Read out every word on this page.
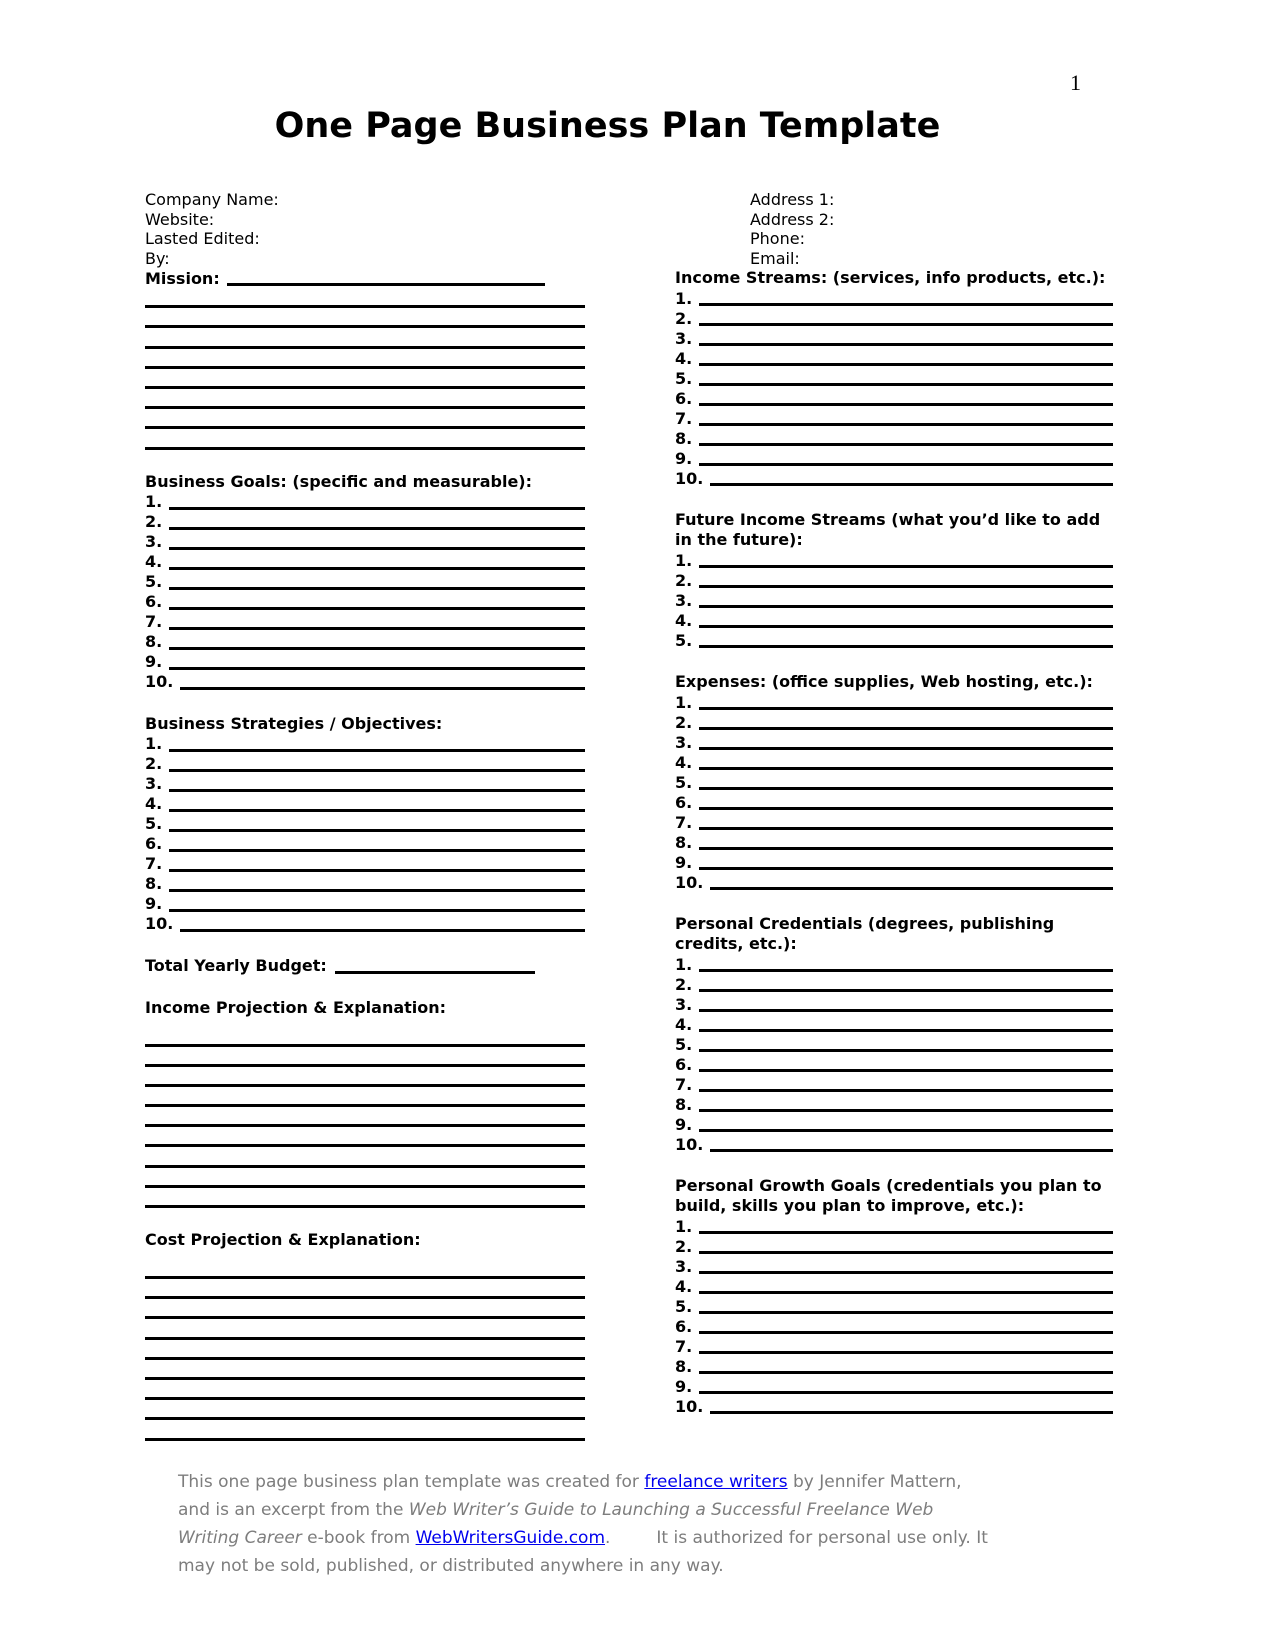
1
One Page Business Plan Template
Company Name:
Website:
Lasted Edited:
By:
Mission:
Business Goals: (specific and measurable):
1.
2.
3.
4.
5.
6.
7.
8.
9.
10.
Business Strategies / Objectives:
1.
2.
3.
4.
5.
6.
7.
8.
9.
10.
Total Yearly Budget:
Income Projection & Explanation:
Cost Projection & Explanation:
Address 1:
Address 2:
Phone:
Email:
Income Streams: (services, info products, etc.):
1.
2.
3.
4.
5.
6.
7.
8.
9.
10.
Future Income Streams (what you’d like to add
in the future):
1.
2.
3.
4.
5.
Expenses: (office supplies, Web hosting, etc.):
1.
2.
3.
4.
5.
6.
7.
8.
9.
10.
Personal Credentials (degrees, publishing
credits, etc.):
1.
2.
3.
4.
5.
6.
7.
8.
9.
10.
Personal Growth Goals (credentials you plan to
build, skills you plan to improve, etc.):
1.
2.
3.
4.
5.
6.
7.
8.
9.
10.
This one page business plan template was created for freelance writers by Jennifer Mattern,
and is an excerpt from the Web Writer’s Guide to Launching a Successful Freelance Web
Writing Career e-book from WebWritersGuide.com.	It is authorized for personal use only. It
may not be sold, published, or distributed anywhere in any way.
